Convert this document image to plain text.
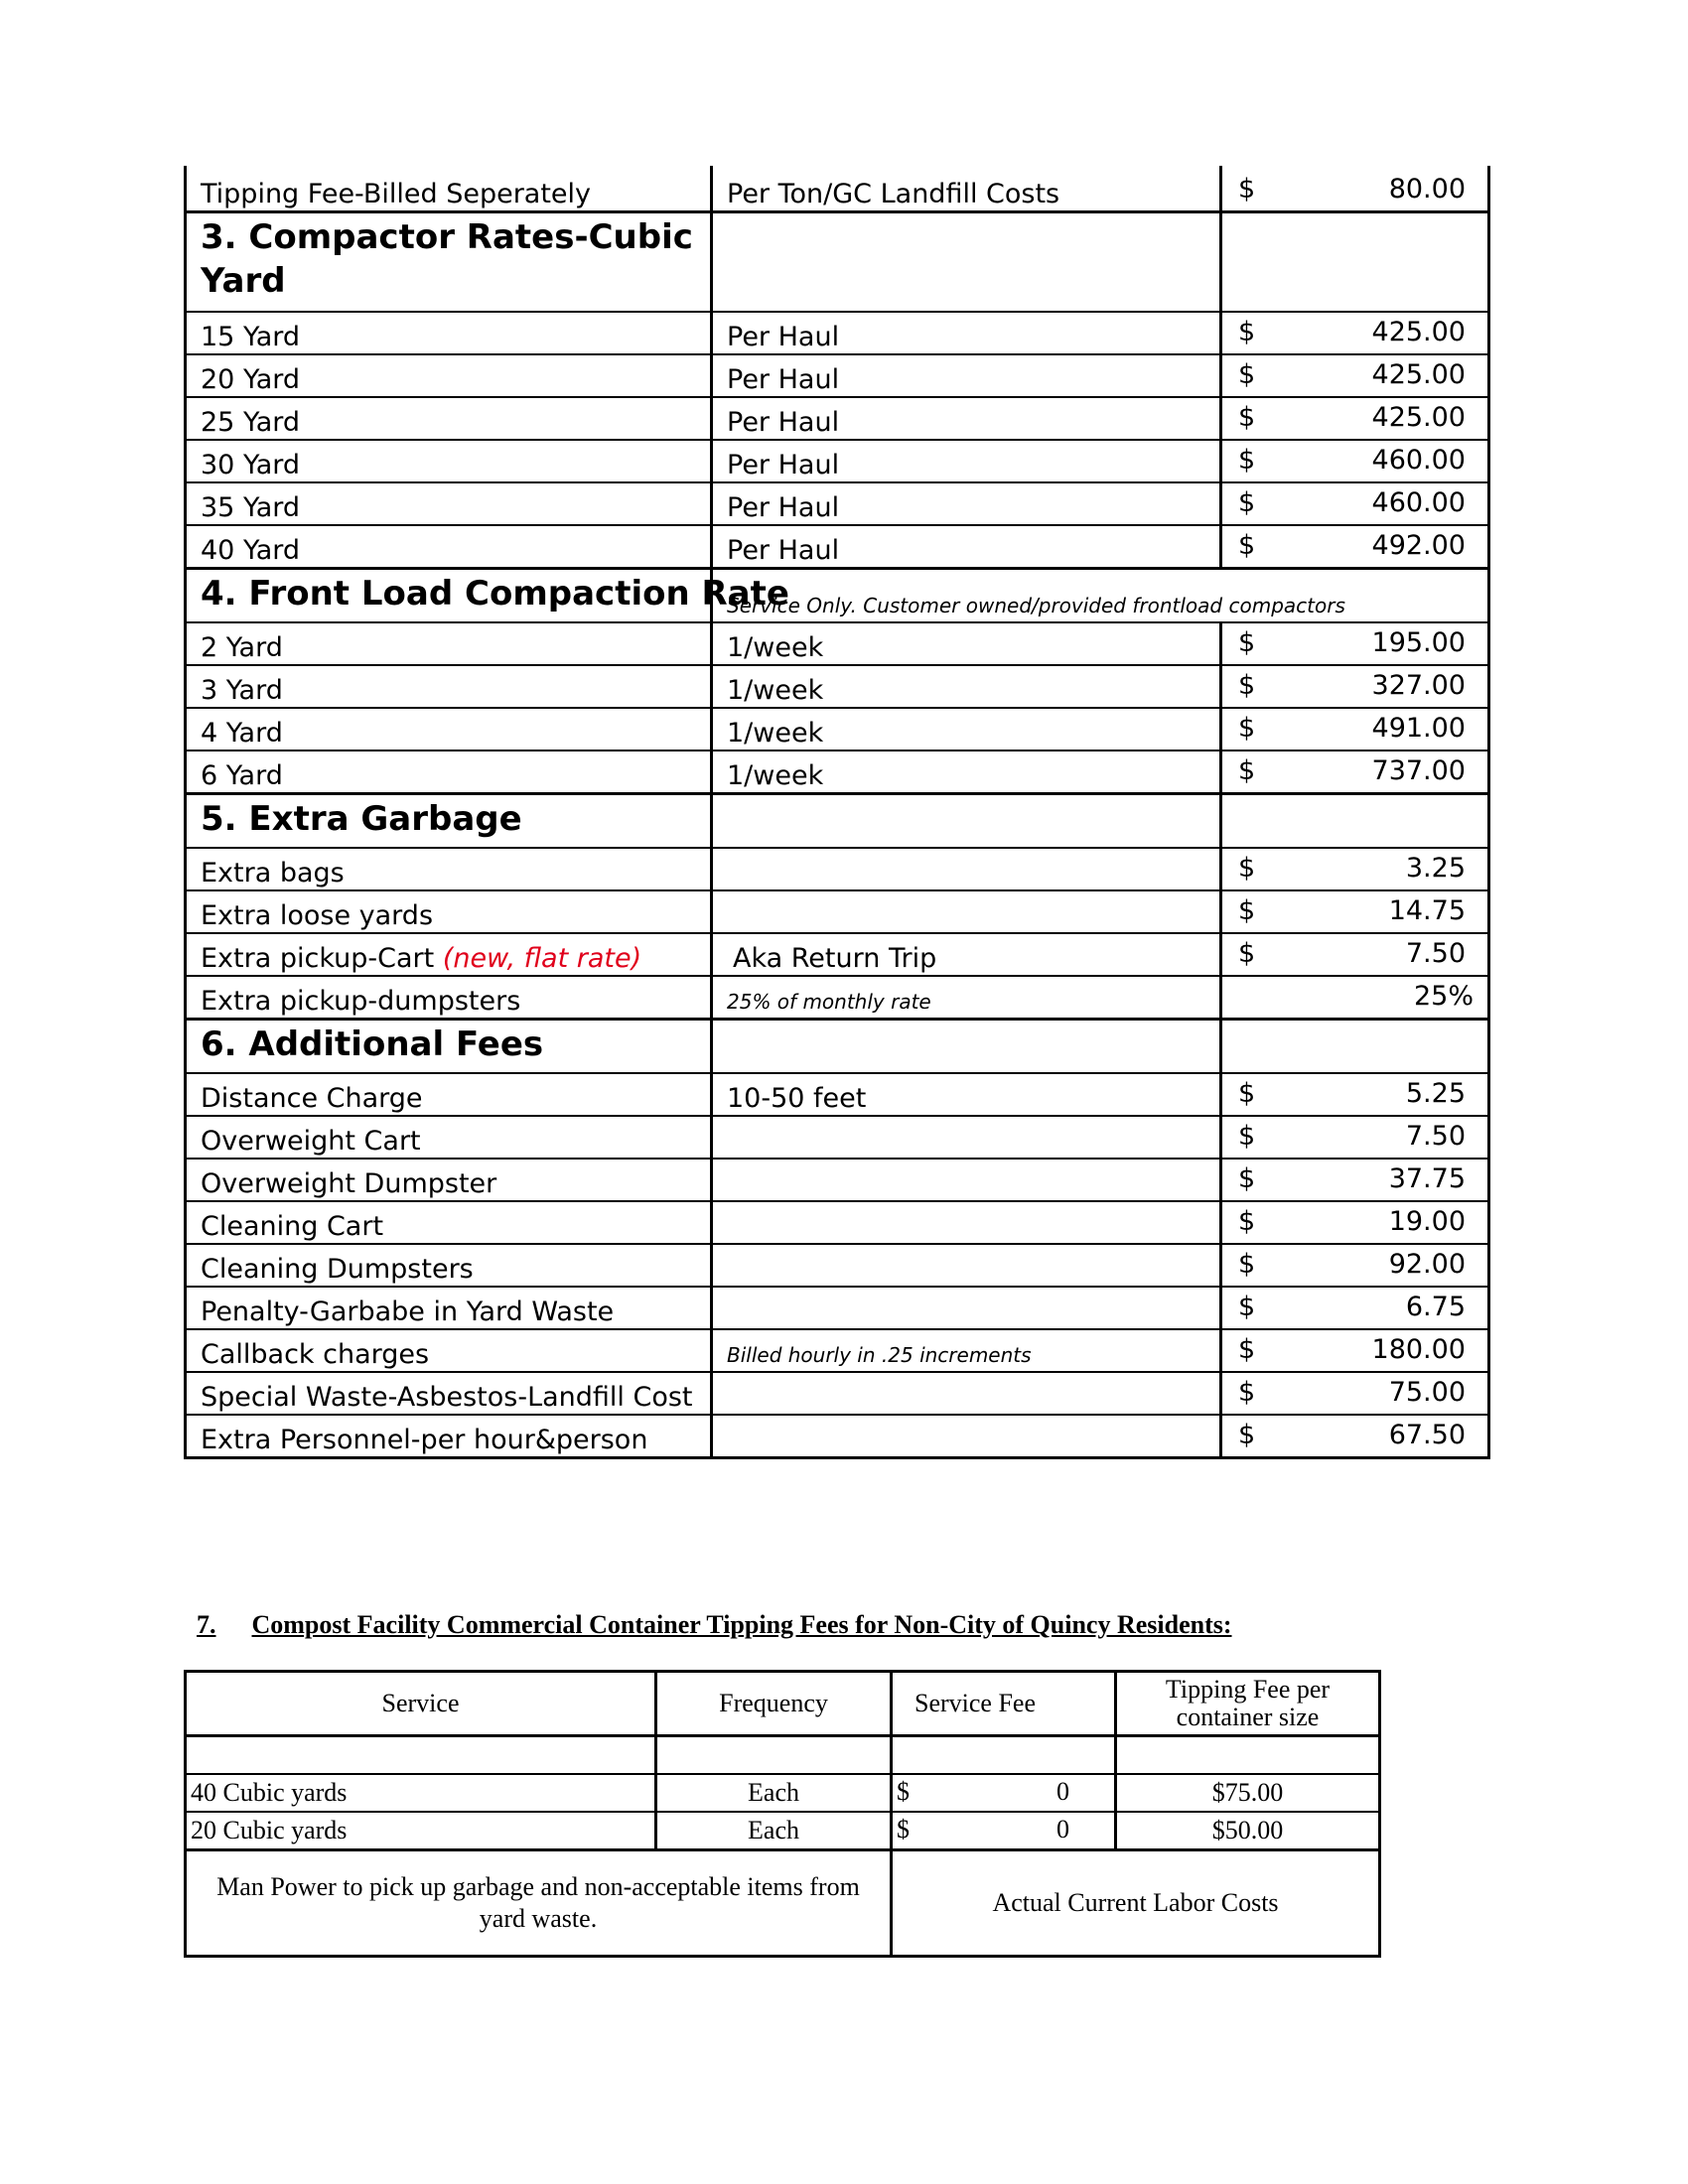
Tipping Fee-Billed Seperately	Per Ton/GC Landfill Costs	$ 80.00

3. Compactor Rates-Cubic Yard		
15 Yard	Per Haul	$ 425.00

20 Yard	Per Haul	$ 425.00

25 Yard	Per Haul	$ 425.00

30 Yard	Per Haul	$ 460.00

35 Yard	Per Haul	$ 460.00

40 Yard	Per Haul	$ 492.00

4. Front Load Compaction Rate	Service Only. Customer owned/provided frontload compactors	
2 Yard	1/week	$ 195.00

3 Yard	1/week	$ 327.00

4 Yard	1/week	$ 491.00

6 Yard	1/week	$ 737.00

5. Extra Garbage		
Extra bags		$ 3.25

Extra loose yards		$ 14.75

Extra pickup-Cart (new, flat rate)	Aka Return Trip	$ 7.50

Extra pickup-dumpsters	25% of monthly rate	25%

6. Additional Fees		
Distance Charge	10-50 feet	$ 5.25

Overweight Cart		$ 7.50

Overweight Dumpster		$ 37.75

Cleaning Cart		$ 19.00

Cleaning Dumpsters		$ 92.00

Penalty-Garbabe in Yard Waste		$ 6.75

Callback charges	Billed hourly in .25 increments	$ 180.00

Special Waste-Asbestos-Landfill Cost		$ 75.00

Extra Personnel-per hour&person		$ 67.50
7. Compost Facility Commercial Container Tipping Fees for Non-City of Quincy Residents:
Service	Frequency	Service Fee	Tipping Fee per
container size

40 Cubic yards	Each	$ 0	$75.00
20 Cubic yards	Each	$ 0	$50.00
Man Power to pick up garbage and non-acceptable items from
yard waste.		Actual Current Labor Costs	
